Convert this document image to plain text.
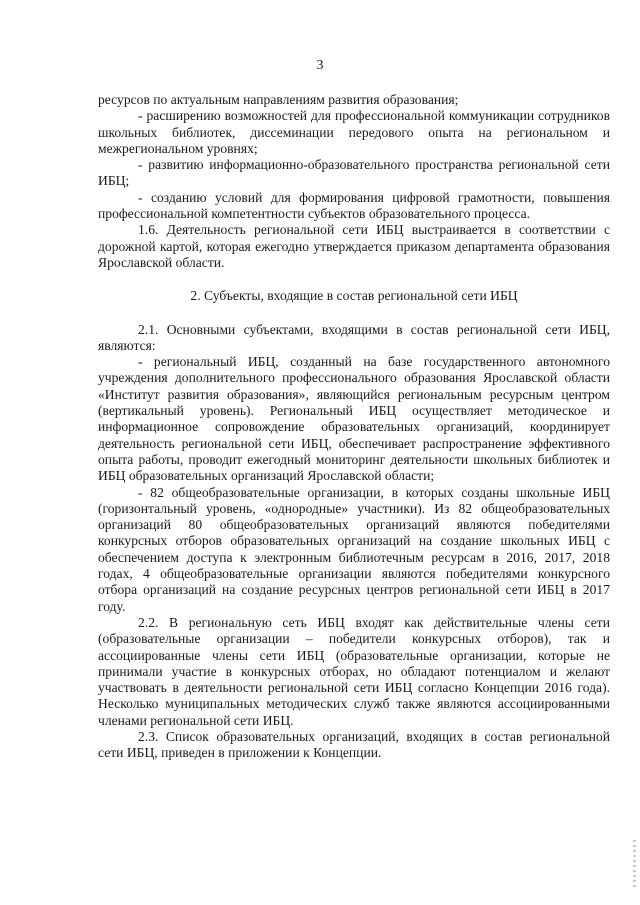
3

ресурсов по актуальным направлениям развития образования;

- расширению возможностей для профессиональной коммуникации сотрудников школьных библиотек, диссеминации передового опыта на региональном и межрегиональном уровнях;

- развитию информационно-образовательного пространства региональной сети ИБЦ;

- созданию условий для формирования цифровой грамотности, повышения профессиональной компетентности субъектов образовательного процесса.

1.6. Деятельность региональной сети ИБЦ выстраивается в соответствии с дорожной картой, которая ежегодно утверждается приказом департамента образования Ярославской области.

2. Субъекты, входящие в состав региональной сети ИБЦ

2.1. Основными субъектами, входящими в состав региональной сети ИБЦ, являются:

- региональный ИБЦ, созданный на базе государственного автономного учреждения дополнительного профессионального образования Ярославской области «Институт развития образования», являющийся региональным ресурсным центром (вертикальный уровень). Региональный ИБЦ осуществляет методическое и информационное сопровождение образовательных организаций, координирует деятельность региональной сети ИБЦ, обеспечивает распространение эффективного опыта работы, проводит ежегодный мониторинг деятельности школьных библиотек и ИБЦ образовательных организаций Ярославской области;

- 82 общеобразовательные организации, в которых созданы школьные ИБЦ (горизонтальный уровень, «однородные» участники). Из 82 общеобразовательных организаций 80 общеобразовательных организаций являются победителями конкурсных отборов образовательных организаций на создание школьных ИБЦ с обеспечением доступа к электронным библиотечным ресурсам в 2016, 2017, 2018 годах, 4 общеобразовательные организации являются победителями конкурсного отбора организаций на создание ресурсных центров региональной сети ИБЦ в 2017 году.

2.2. В региональную сеть ИБЦ входят как действительные члены сети (образовательные организации – победители конкурсных отборов), так и ассоциированные члены сети ИБЦ (образовательные организации, которые не принимали участие в конкурсных отборах, но обладают потенциалом и желают участвовать в деятельности региональной сети ИБЦ согласно Концепции 2016 года). Несколько муниципальных методических служб также являются ассоциированными членами региональной сети ИБЦ.

2.3. Список образовательных организаций, входящих в состав региональной сети ИБЦ, приведен в приложении к Концепции.
